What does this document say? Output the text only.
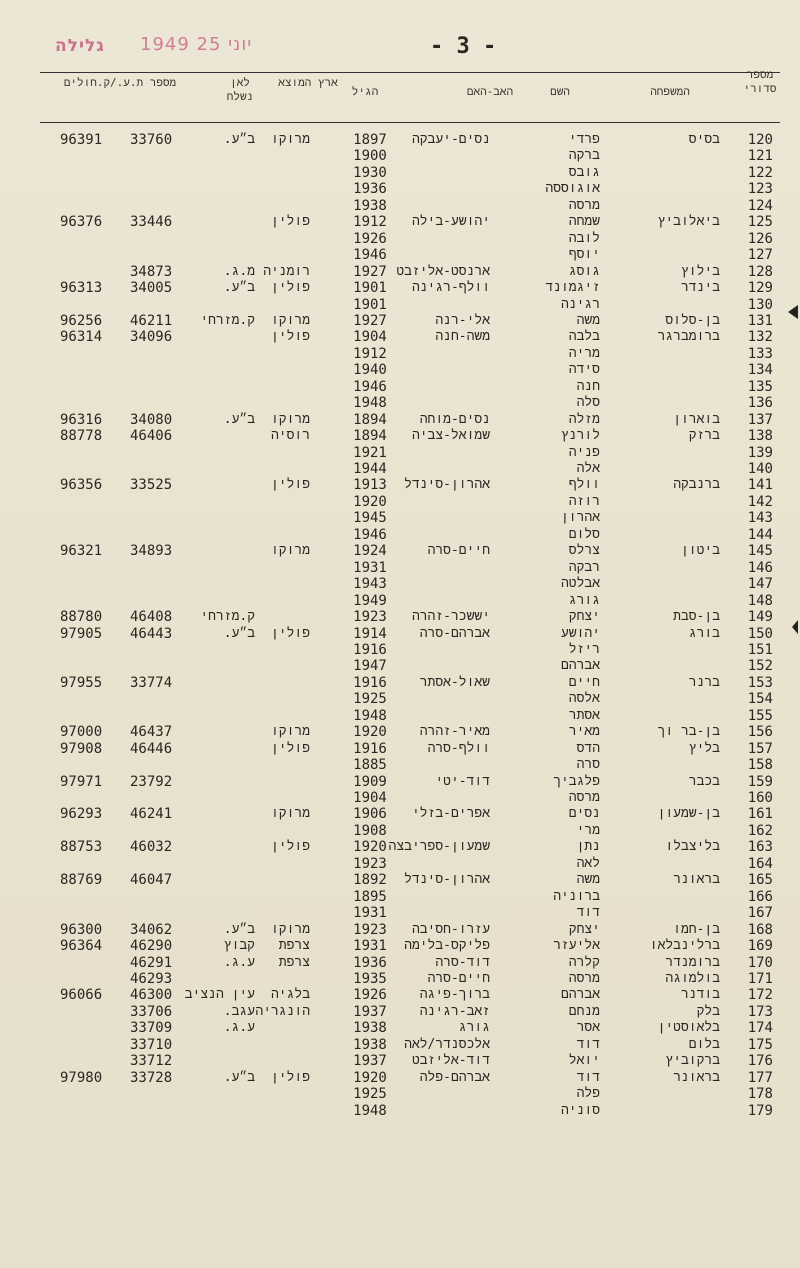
גלילה 1949 יוני 25	- 3 -
מספר סדורי
המשפחה
השם
האב-האם
הגיל
ארץ המוצא
לאן נשלח
מספר ת.ע./ק.חולים
120
בסיס
פרדי
נסים-יעבקה
1897
מרוקו
ב״ע.
33760
96391
121
ברקה
1900
122
גובס
1930
123
אוגוססה
1936
124
מרסה
1938
125
ביאלוביץ
שמחה
יהושע-בילה
1912
פולין
33446
96376
126
לובה
1926
127
יוסף
1946
128
בילוץ
גוסג
ארנסט-אליזבט
1927
רומניה
מ.ג.
34873
129
בינדר
זיגמונד
וולף-רגינה
1901
פולין
ב״ע.
34005
96313
130
רגינה
1901
131
בן-סלוס
משה
אלי-רנה
1927
מרוקו
ק.מזרחי
46211
96256
132
ברומברגר
בלבה
משה-חנה
1904
פולין
34096
96314
133
מריה
1912
134
סידה
1940
135
חנה
1946
136
סלה
1948
137
בוארון
מזלה
נסים-מוחה
1894
מרוקו
ב״ע.
34080
96316
138
ברזק
לורנץ
שמואל-צביה
1894
רוסיה
46406
88778
139
פניה
1921
140
אלה
1944
141
ברנבקה
וולף
אהרון-סינדל
1913
פולין
33525
96356
142
רוזה
1920
143
אהרון
1945
144
סלום
1946
145
ביטון
צרלס
חיים-סרה
1924
מרוקו
34893
96321
146
רבקה
1931
147
אבלטה
1943
148
גורג
1949
149
בן-סבת
יצחק
יששכר-זהרה
1923
ק.מזרחי
46408
88780
150
בורג
יהושע
אברהם-סרה
1914
פולין
ב״ע.
46443
97905
151
ריזל
1916
152
אברהם
1947
153
ברנר
חיים
שאול-אסתר
1916
33774
97955
154
אלסה
1925
155
אסתר
1948
156
בן-בר וך
מאיר
מאיר-זהרה
1920
מרוקו
46437
97000
157
בליץ
הדס
וולף-סרה
1916
פולין
46446
97908
158
סרה
1885
159
בכבר
פלגביך
דוד-יטי
1909
23792
97971
160
מרסה
1904
161
בן-שמעון
נסים
אפרים-בזלי
1906
מרוקו
46241
96293
162
מרי
1908
163
בליצבלו
נתן
שמעון-ספריבצה
1920
פולין
46032
88753
164
לאה
1923
165
בראונר
משה
אהרון-סינדל
1892
46047
88769
166
ברוניה
1895
167
דוד
1931
168
בן-חמו
יצחק
עזרו-חסיבה
1923
מרוקו
ב״ע.
34062
96300
169
ברלינבלאו
אליעזר
פליקס-בלימה
1931
צרפת
קבוץ
46290
96364
170
ברומנדר
קלרה
דוד-סרה
1936
צרפת
ע.ג.
46291
171
בולמוגה
מרסה
חיים-סרה
1935
46293
172
בודנר
אברהם
ברוך-פיגה
1926
בלגיה
עין הנציב
46300
96066
173
בלק
מנחם
זאב-רגינה
1937
הונגריה
עגב.
33706
174
בלאוסטין
אסר
גורג
1938
ע.ג.
33709
175
בלום
דוד
אלכסנדר/לאה
1938
33710
176
ברקוביץ
יואל
דוד-אליזבט
1937
33712
177
בראונר
דוד
אברהם-פלה
1920
פולין
ב״ע.
33728
97980
178
פלה
1925
179
סוניה
1948
